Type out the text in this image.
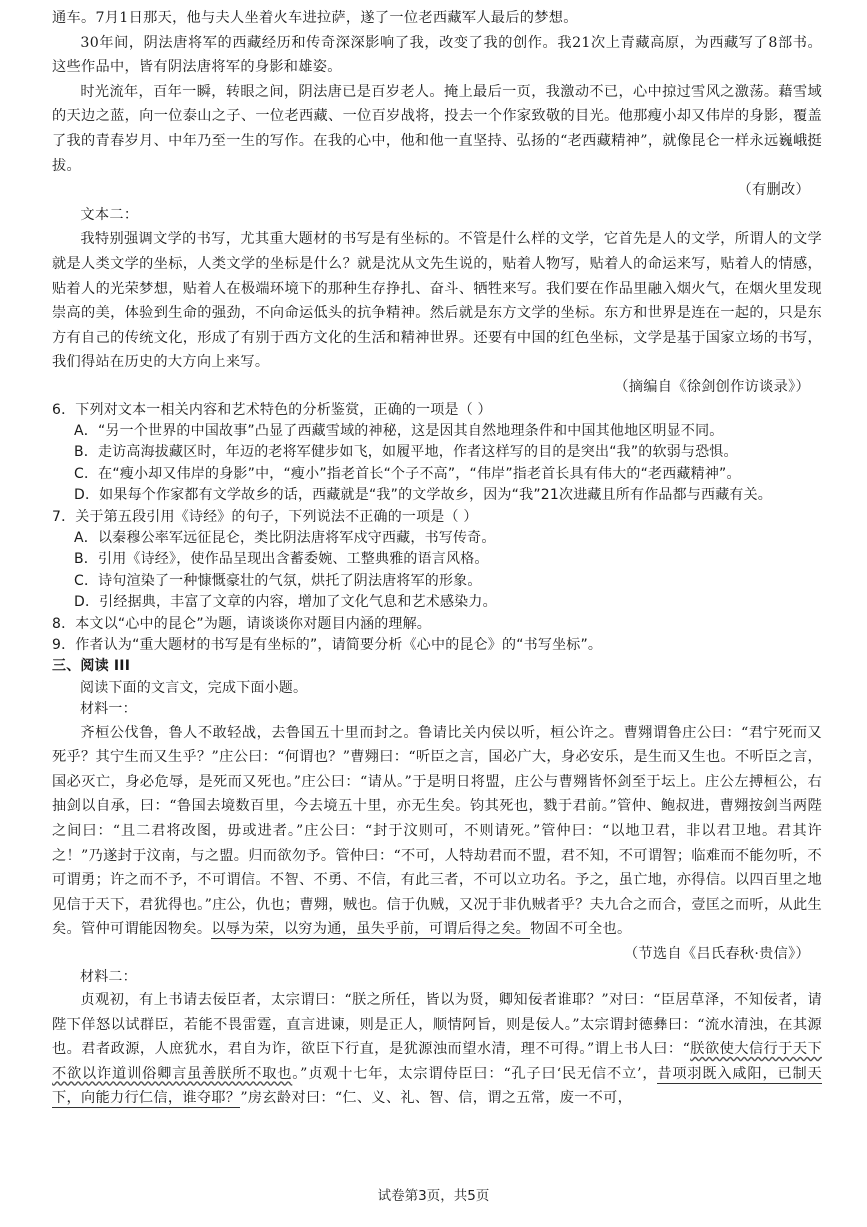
通车。7月1日那天，他与夫人坐着火车进拉萨，遂了一位老西藏军人最后的梦想。

30年间，阴法唐将军的西藏经历和传奇深深影响了我，改变了我的创作。我21次上青藏高原，为西藏写了8部书。这些作品中，皆有阴法唐将军的身影和雄姿。

时光流年，百年一瞬，转眼之间，阴法唐已是百岁老人。掩上最后一页，我激动不已，心中掠过雪风之激荡。藉雪域的天边之蓝，向一位泰山之子、一位老西藏、一位百岁战将，投去一个作家致敬的目光。他那瘦小却又伟岸的身影，覆盖了我的青春岁月、中年乃至一生的写作。在我的心中，他和他一直坚持、弘扬的“老西藏精神”，就像昆仑一样永远巍峨挺拔。

（有删改）

文本二：

我特别强调文学的书写，尤其重大题材的书写是有坐标的。不管是什么样的文学，它首先是人的文学，所谓人的文学就是人类文学的坐标，人类文学的坐标是什么？就是沈从文先生说的，贴着人物写，贴着人的命运来写，贴着人的情感，贴着人的光荣梦想，贴着人在极端环境下的那种生存挣扎、奋斗、牺牲来写。我们要在作品里融入烟火气，在烟火里发现崇高的美，体验到生命的强劲，不向命运低头的抗争精神。然后就是东方文学的坐标。东方和世界是连在一起的，只是东方有自己的传统文化，形成了有别于西方文化的生活和精神世界。还要有中国的红色坐标，文学是基于国家立场的书写，我们得站在历史的大方向上来写。

（摘编自《徐剑创作访谈录》）

6．下列对文本一相关内容和艺术特色的分析鉴赏，正确的一项是（ ）

A．“另一个世界的中国故事”凸显了西藏雪域的神秘，这是因其自然地理条件和中国其他地区明显不同。

B．走访高海拔藏区时，年迈的老将军健步如飞，如履平地，作者这样写的目的是突出“我”的软弱与恐惧。

C．在“瘦小却又伟岸的身影”中，“瘦小”指老首长“个子不高”，“伟岸”指老首长具有伟大的“老西藏精神”。

D．如果每个作家都有文学故乡的话，西藏就是“我”的文学故乡，因为“我”21次进藏且所有作品都与西藏有关。

7．关于第五段引用《诗经》的句子，下列说法不正确的一项是（ ）

A．以秦穆公率军远征昆仑，类比阴法唐将军戍守西藏，书写传奇。

B．引用《诗经》，使作品呈现出含蓄委婉、工整典雅的语言风格。

C．诗句渲染了一种慷慨豪壮的气氛，烘托了阴法唐将军的形象。

D．引经据典，丰富了文章的内容，增加了文化气息和艺术感染力。

8．本文以“心中的昆仑”为题，请谈谈你对题目内涵的理解。

9．作者认为“重大题材的书写是有坐标的”，请简要分析《心中的昆仑》的“书写坐标”。

三、阅读 III

阅读下面的文言文，完成下面小题。

材料一：

齐桓公伐鲁，鲁人不敢轻战，去鲁国五十里而封之。鲁请比关内侯以听，桓公许之。曹翙谓鲁庄公曰：“君宁死而又死乎？其宁生而又生乎？”庄公曰：“何谓也？”曹翙曰：“听臣之言，国必广大，身必安乐，是生而又生也。不听臣之言，国必灭亡，身必危辱，是死而又死也。”庄公曰：“请从。”于是明日将盟，庄公与曹翙皆怀剑至于坛上。庄公左搏桓公，右抽剑以自承，曰：“鲁国去境数百里，今去境五十里，亦无生矣。钧其死也，戮于君前。”管仲、鲍叔进，曹翙按剑当两陛之间曰：“且二君将改图，毋或进者。”庄公曰：“封于汶则可，不则请死。”管仲曰：“以地卫君，非以君卫地。君其许之！”乃遂封于汶南，与之盟。归而欲勿予。管仲曰：“不可，人特劫君而不盟，君不知，不可谓智；临难而不能勿听，不可谓勇；许之而不予，不可谓信。不智、不勇、不信，有此三者，不可以立功名。予之，虽亡地，亦得信。以四百里之地见信于天下，君犹得也。”庄公，仇也；曹翙，贼也。信于仇贼，又况于非仇贼者乎？夫九合之而合，壹匡之而听，从此生矣。管仲可谓能因物矣。以辱为荣，以穷为通，虽失乎前，可谓后得之矣。物固不可全也。

（节选自《吕氏春秋·贵信》）

材料二：

贞观初，有上书请去佞臣者，太宗谓曰：“朕之所任，皆以为贤，卿知佞者谁耶？”对曰：“臣居草泽，不知佞者，请陛下佯怒以试群臣，若能不畏雷霆，直言进谏，则是正人，顺情阿旨，则是佞人。”太宗谓封德彝曰：“流水清浊，在其源也。君者政源，人庶犹水，君自为诈，欲臣下行直，是犹源浊而望水清，理不可得。”谓上书人曰：“朕欲使大信行于天下不欲以诈道训俗卿言虽善朕所不取也。”贞观十七年，太宗谓侍臣曰：“孔子曰‘民无信不立’，昔项羽既入咸阳，已制天下，向能力行仁信，谁夺耶？”房玄龄对曰：“仁、义、礼、智、信，谓之五常，废一不可，

试卷第3页，共5页
